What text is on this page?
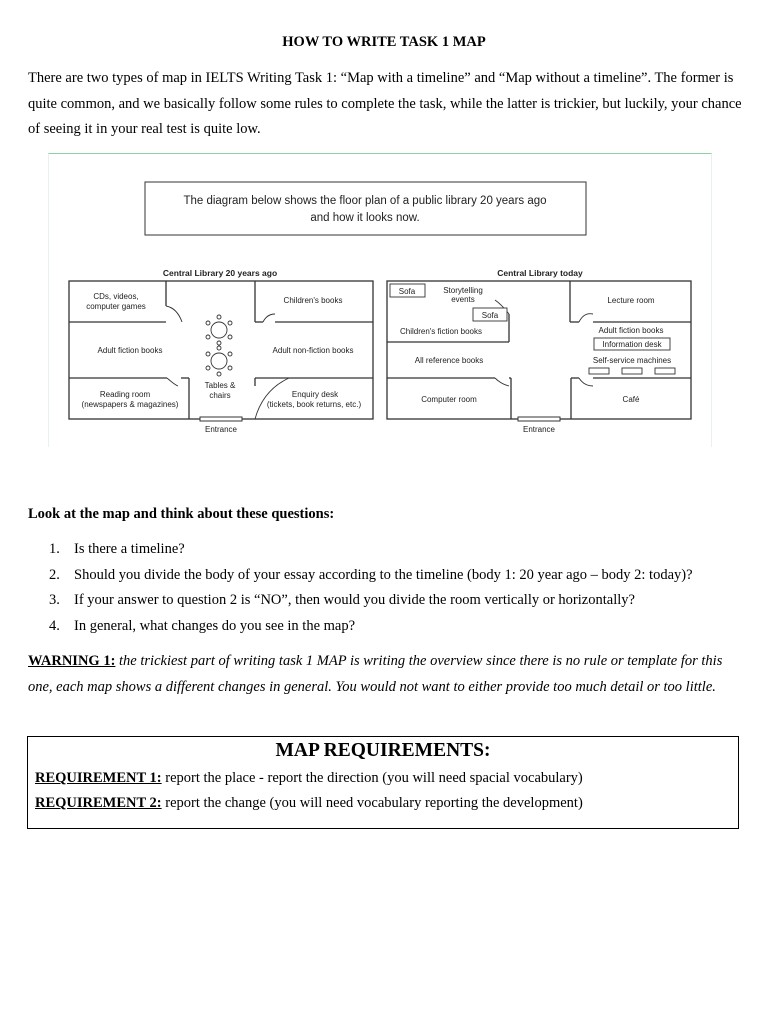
HOW TO WRITE TASK 1 MAP

There are two types of map in IELTS Writing Task 1: “Map with a timeline” and “Map without a timeline”. The former is quite common, and we basically follow some rules to complete the task, while the latter is trickier, but luckily, your chance of seeing it in your real test is quite low.

The diagram below shows the floor plan of a public library 20 years ago
and how it looks now.
Central Library 20 years ago
CDs, videos,
computer games
Children's books
Adult fiction books	Adult non-fiction books
Tables &
chairs
Reading room
(newspapers & magazines)
Enquiry desk
(tickets, book returns, etc.)
Entrance
Central Library today
Sofa
Sofa
Storytelling
events
Children's fiction books
All reference books
Computer room
Lecture room
Adult fiction books
Information desk
Self-service machines
Café
Entrance

Look at the map and think about these questions:

1. Is there a timeline?
2. Should you divide the body of your essay according to the timeline (body 1: 20 year ago – body 2: today)?
3. If your answer to question 2 is “NO”, then would you divide the room vertically or horizontally?
4. In general, what changes do you see in the map?

WARNING 1: the trickiest part of writing task 1 MAP is writing the overview since there is no rule or template for this one, each map shows a different changes in general. You would not want to either provide too much detail or too little.

MAP REQUIREMENTS:
REQUIREMENT 1: report the place - report the direction (you will need spacial vocabulary)
REQUIREMENT 2: report the change (you will need vocabulary reporting the development)
